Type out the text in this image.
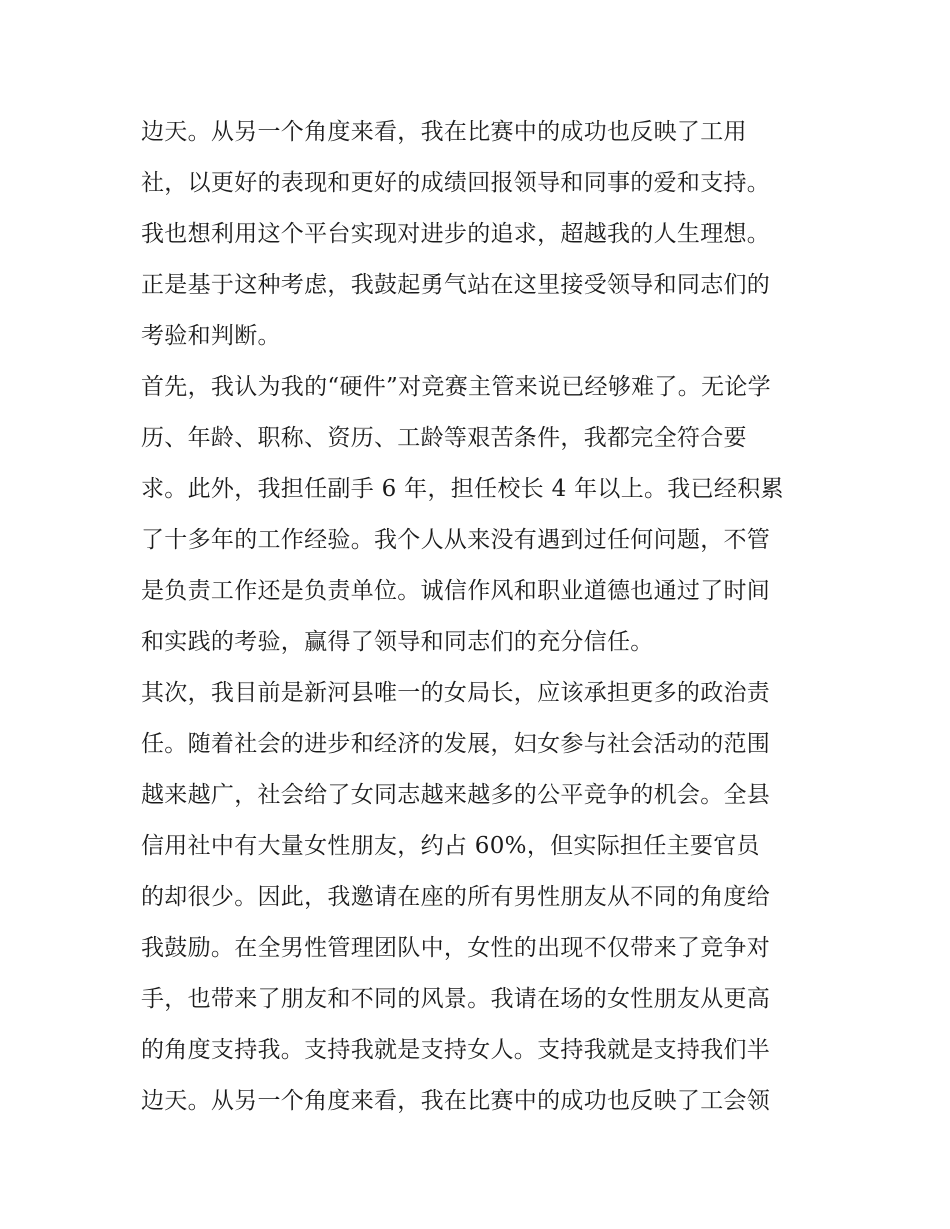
边天。从另一个角度来看，我在比赛中的成功也反映了工用
社，以更好的表现和更好的成绩回报领导和同事的爱和支持。
我也想利用这个平台实现对进步的追求，超越我的人生理想。
正是基于这种考虑，我鼓起勇气站在这里接受领导和同志们的
考验和判断。
首先，我认为我的“硬件”对竞赛主管来说已经够难了。无论学
历、年龄、职称、资历、工龄等艰苦条件，我都完全符合要
求。此外，我担任副手 6 年，担任校长 4 年以上。我已经积累
了十多年的工作经验。我个人从来没有遇到过任何问题，不管
是负责工作还是负责单位。诚信作风和职业道德也通过了时间
和实践的考验，赢得了领导和同志们的充分信任。
其次，我目前是新河县唯一的女局长，应该承担更多的政治责
任。随着社会的进步和经济的发展，妇女参与社会活动的范围
越来越广，社会给了女同志越来越多的公平竞争的机会。全县
信用社中有大量女性朋友，约占 60%，但实际担任主要官员
的却很少。因此，我邀请在座的所有男性朋友从不同的角度给
我鼓励。在全男性管理团队中，女性的出现不仅带来了竞争对
手，也带来了朋友和不同的风景。我请在场的女性朋友从更高
的角度支持我。支持我就是支持女人。支持我就是支持我们半
边天。从另一个角度来看，我在比赛中的成功也反映了工会领
